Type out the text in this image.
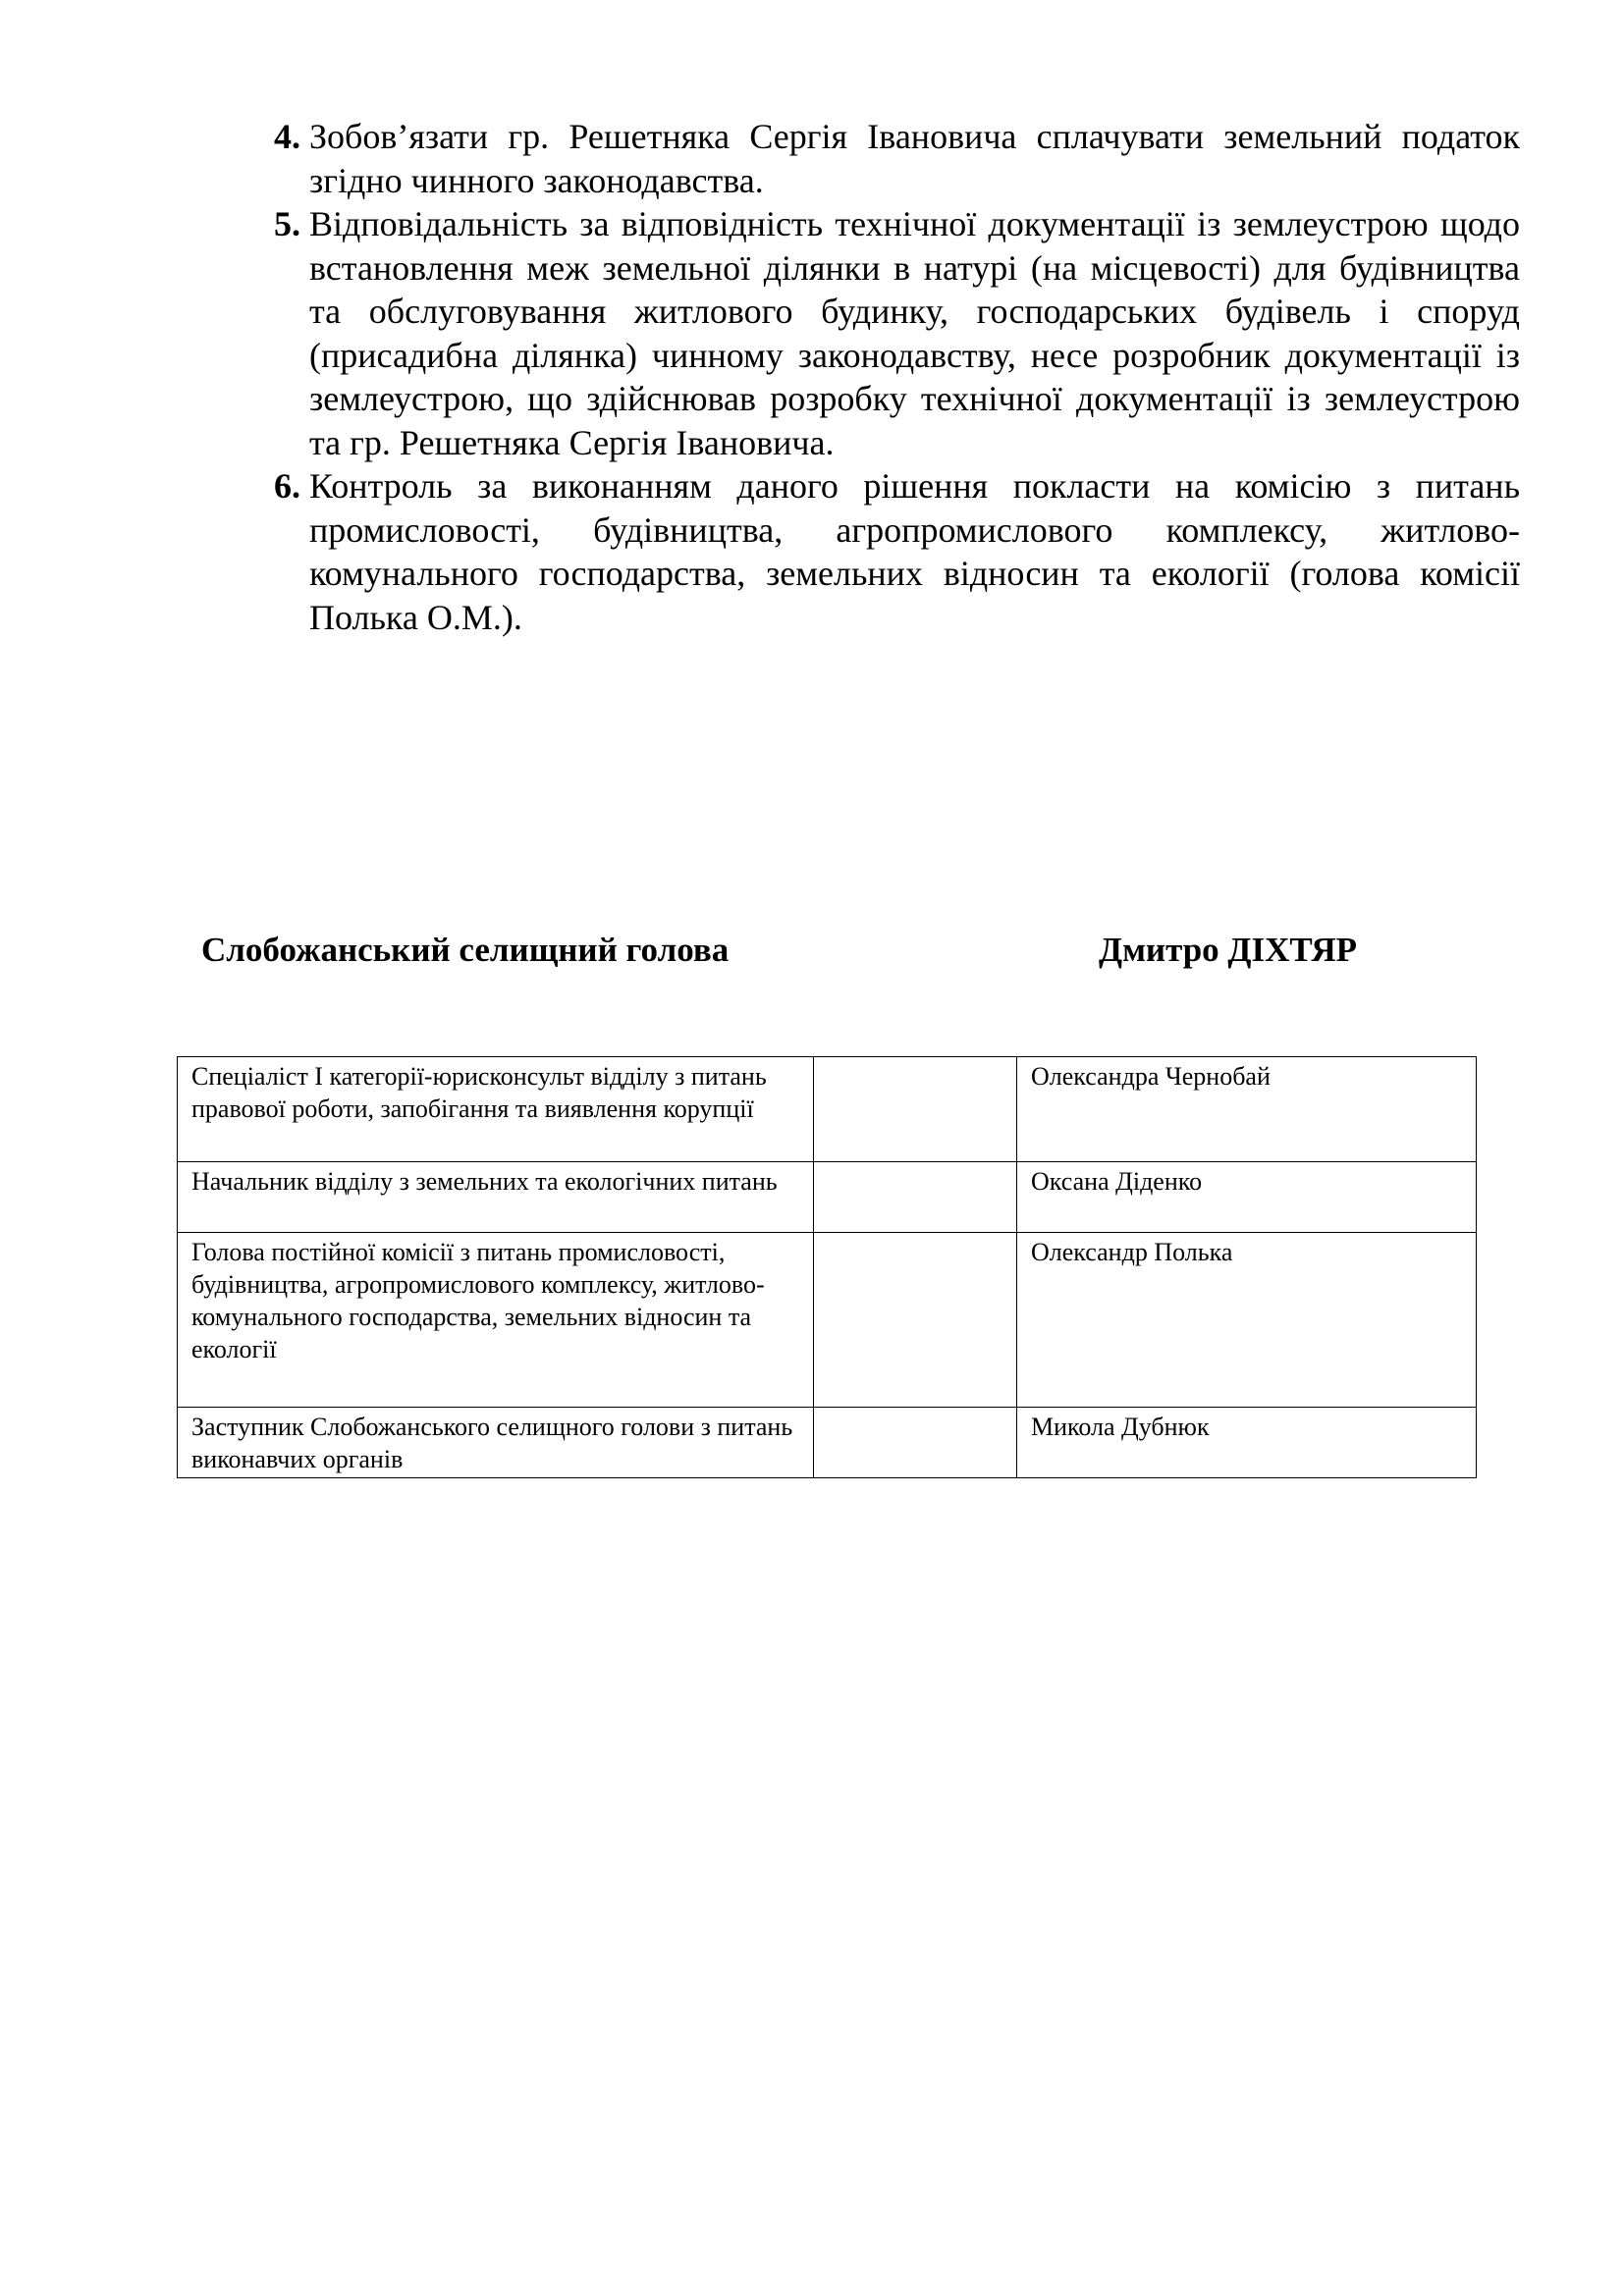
4. Зобов’язати гр. Решетняка Сергія Івановича сплачувати земельний податок згідно чинного законодавства.
5. Відповідальність за відповідність технічної документації із землеустрою щодо встановлення меж земельної ділянки в натурі (на місцевості) для будівництва та обслуговування житлового будинку, господарських будівель і споруд (присадибна ділянка) чинному законодавству, несе розробник документації із землеустрою, що здійснював розробку технічної документації із землеустрою та гр. Решетняка Сергія Івановича.
6. Контроль за виконанням даного рішення покласти на комісію з питань промисловості, будівництва, агропромислового комплексу, житлово-комунального господарства, земельних відносин та екології (голова комісії Полька О.М.).
Слобожанський селищний голова	Дмитро ДІХТЯР
Спеціаліст І категорії-юрисконсульт відділу з питань правової роботи, запобігання та виявлення корупції		Олександра Чернобай
Начальник відділу з земельних та екологічних питань		Оксана Діденко
Голова постійної комісії з питань промисловості, будівництва, агропромислового комплексу, житлово-комунального господарства, земельних відносин та екології		Олександр Полька
Заступник Слобожанського селищного голови з питань виконавчих органів		Микола Дубнюк
